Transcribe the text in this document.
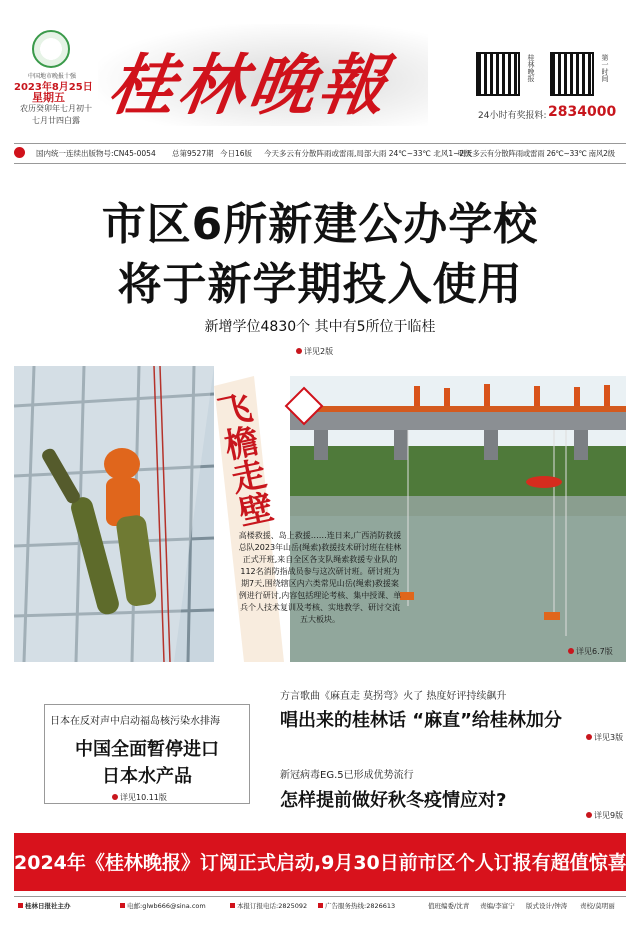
中国地市晚报十强
2023年8月25日
星期五
农历癸卯年七月初十
七月廿四白露 桂林晚報	桂林晚报	第一时间
24小时有奖报料: 2834000
国内统一连续出版物号:CN45-0054 总第9527期 今日16版 今天多云有分散阵雨或雷雨,局部大雨 24℃~33℃ 北风1~2级
明天多云有分散阵雨或雷雨 26℃~33℃ 南风2级
市区6所新建公办学校
将于新学期投入使用
新增学位4830个 其中有5所位于临桂
详见2版
飞檐走壁
高楼救援、岛上救援……连日来,广西消防救援总队2023年山岳(绳索)救援技术研讨班在桂林正式开班,来自全区各支队绳索救援专业队的112名消防指战员参与这次研讨班。研讨班为期7天,围绕辖区内六类常见山岳(绳索)救援案例进行研讨,内容包括理论考核、集中授课、单兵个人技术复训及考核、实地教学、研讨交流五大板块。
详见6.7版
日本在反对声中启动福岛核污染水排海
中国全面暂停进口
日本水产品
详见10.11版
方言歌曲《麻直走 莫拐弯》火了 热度好评持续飙升
唱出来的桂林话 “麻直”给桂林加分
详见3版
新冠病毒EG.5已形成优势流行
怎样提前做好秋冬疫情应对?
详见9版
2024年《桂林晚报》订阅正式启动,9月30日前市区个人订报有超值惊喜
桂林日报社主办	电邮:glwb666@sina.com	本报订报电话:2825092	广告服务热线:2826613	值班编委/沈青 责编/李富宁 版式设计/钟涛 责校/莫明丽
